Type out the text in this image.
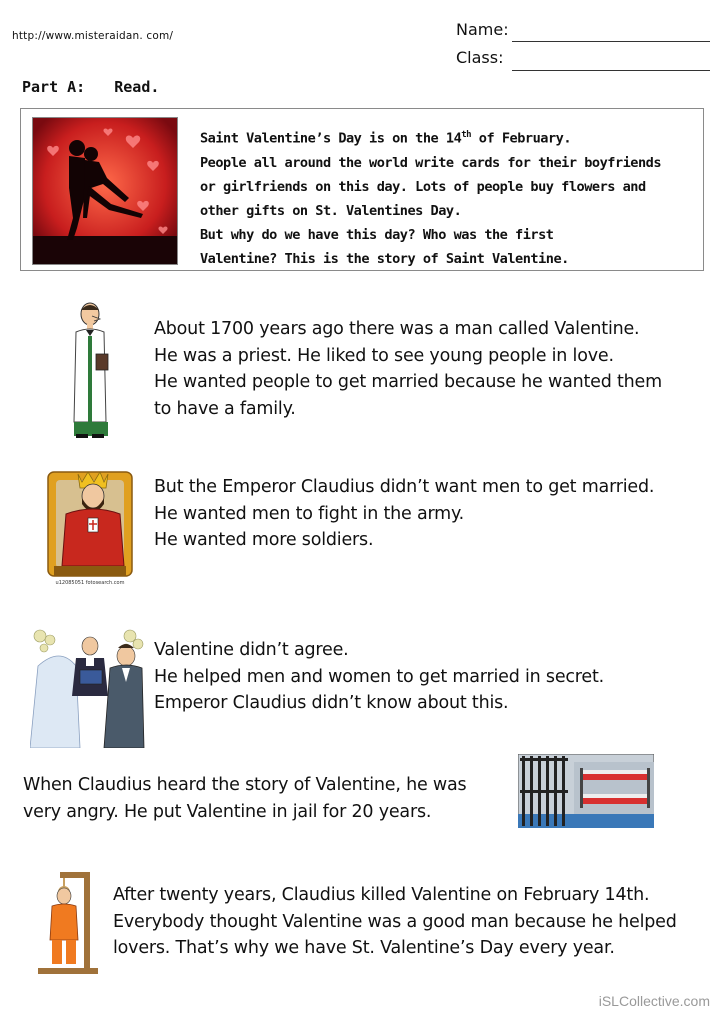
http://www.misteraidan. com/	Name:
Class:
Part A: Read.
Saint Valentine’s Day is on the 14th of February.
People all around the world write cards for their boyfriends
or girlfriends on this day. Lots of people buy flowers and
other gifts on St. Valentines Day.
But why do we have this day? Who was the first
Valentine? This is the story of Saint Valentine.

About 1700 years ago there was a man called Valentine.

He was a priest. He liked to see young people in love.

He wanted people to get married because he wanted them

to have a family.

u12085051 fotosearch.com

But the Emperor Claudius didn’t want men to get married.

He wanted men to fight in the army.

He wanted more soldiers.

Valentine didn’t agree.

He helped men and women to get married in secret.

Emperor Claudius didn’t know about this.

When Claudius heard the story of Valentine, he was

very angry. He put Valentine in jail for 20 years.

After twenty years, Claudius killed Valentine on February 14th.

Everybody thought Valentine was a good man because he helped

lovers. That’s why we have St. Valentine’s Day every year.

iSLCollective.com
